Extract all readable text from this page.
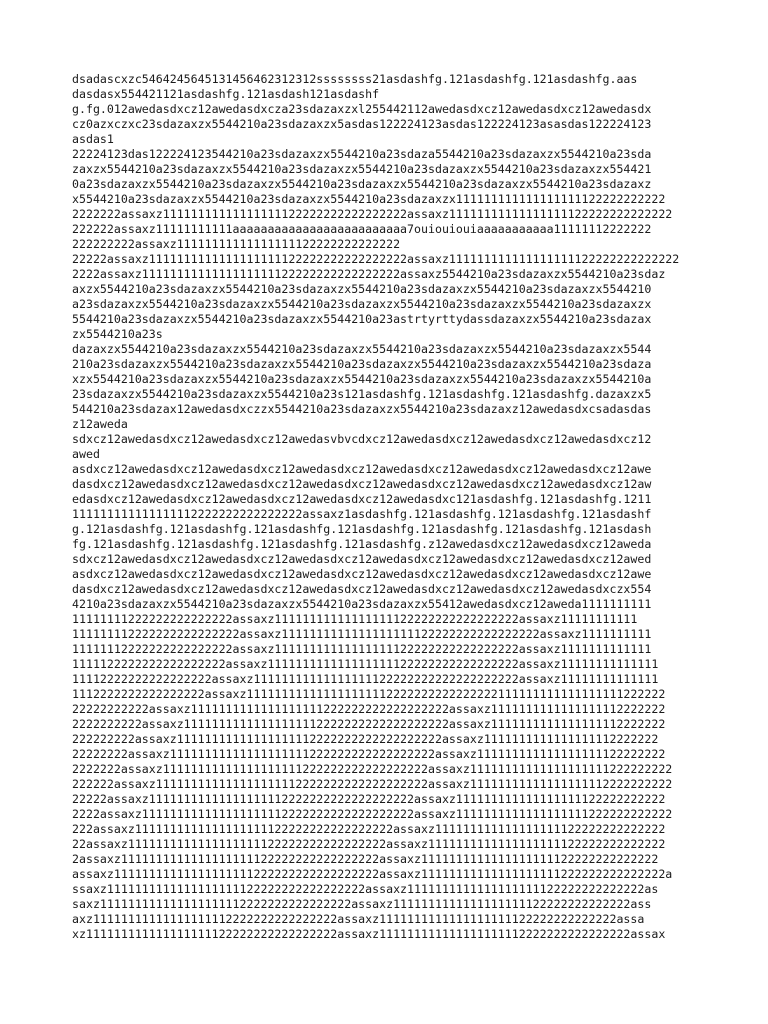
dsadascxzc5464245645131456462312312ssssssss21asdashfg.121asdashfg.121asdashfg.aas
dasdasx554421121asdashfg.121asdash121asdashf
g.fg.012awedasdxcz12awedasdxcza23sdazaxzxl255442112awedasdxcz12awedasdxcz12awedasdx
cz0azxczxc23sdazaxzx5544210a23sdazaxzx5asdas122224123asdas122224123asasdas122224123
asdas1
22224123das122224123544210a23sdazaxzx5544210a23sdaza5544210a23sdazaxzx5544210a23sda
zaxzx5544210a23sdazaxzx5544210a23sdazaxzx5544210a23sdazaxzx5544210a23sdazaxzx554421
0a23sdazaxzx5544210a23sdazaxzx5544210a23sdazaxzx5544210a23sdazaxzx5544210a23sdazaxz
x5544210a23sdazaxzx5544210a23sdazaxzx5544210a23sdazaxzx111111111111111111122222222222
2222222assaxz11111111111111111122222222222222222assaxz11111111111111111122222222222222
222222assaxz11111111111aaaaaaaaaaaaaaaaaaaaaaaaa7ouiouiouiaaaaaaaaaaa11111112222222
222222222assaxz11111111111111111122222222222222
22222assaxz1111111111111111111122222222222222222assaxz111111111111111111122222222222222
2222assaxz1111111111111111111122222222222222222assaxz5544210a23sdazaxzx5544210a23sdaz
axzx5544210a23sdazaxzx5544210a23sdazaxzx5544210a23sdazaxzx5544210a23sdazaxzx5544210
a23sdazaxzx5544210a23sdazaxzx5544210a23sdazaxzx5544210a23sdazaxzx5544210a23sdazaxzx
5544210a23sdazaxzx5544210a23sdazaxzx5544210a23astrtyrttydassdazaxzx5544210a23sdazax
zx5544210a23s
dazaxzx5544210a23sdazaxzx5544210a23sdazaxzx5544210a23sdazaxzx5544210a23sdazaxzx5544
210a23sdazaxzx5544210a23sdazaxzx5544210a23sdazaxzx5544210a23sdazaxzx5544210a23sdaza
xzx5544210a23sdazaxzx5544210a23sdazaxzx5544210a23sdazaxzx5544210a23sdazaxzx5544210a
23sdazaxzx5544210a23sdazaxzx5544210a23s121asdashfg.121asdashfg.121asdashfg.dazaxzx5
544210a23sdazax12awedasdxczzx5544210a23sdazaxzx5544210a23sdazaxz12awedasdxcsadasdas
z12aweda
sdxcz12awedasdxcz12awedasdxcz12awedasvbvcdxcz12awedasdxcz12awedasdxcz12awedasdxcz12
awed
asdxcz12awedasdxcz12awedasdxcz12awedasdxcz12awedasdxcz12awedasdxcz12awedasdxcz12awe
dasdxcz12awedasdxcz12awedasdxcz12awedasdxcz12awedasdxcz12awedasdxcz12awedasdxcz12aw
edasdxcz12awedasdxcz12awedasdxcz12awedasdxcz12awedasdxc121asdashfg.121asdashfg.1211
111111111111111112222222222222222assaxz1asdashfg.121asdashfg.121asdashfg.121asdashf
g.121asdashfg.121asdashfg.121asdashfg.121asdashfg.121asdashfg.121asdashfg.121asdash
fg.121asdashfg.121asdashfg.121asdashfg.121asdashfg.z12awedasdxcz12awedasdxcz12aweda
sdxcz12awedasdxcz12awedasdxcz12awedasdxcz12awedasdxcz12awedasdxcz12awedasdxcz12awed
asdxcz12awedasdxcz12awedasdxcz12awedasdxcz12awedasdxcz12awedasdxcz12awedasdxcz12awe
dasdxcz12awedasdxcz12awedasdxcz12awedasdxcz12awedasdxcz12awedasdxcz12awedasdxczx554
4210a23sdazaxzx5544210a23sdazaxzx5544210a23sdazaxzx55412awedasdxcz12aweda1111111111
11111111222222222222222assaxz11111111111111111122222222222222222assaxz11111111111
111111112222222222222222assaxz1111111111111111111122222222222222222assaxz1111111111
11111112222222222222222assaxz11111111111111111122222222222222222assaxz1111111111111
1111122222222222222222assaxz111111111111111111122222222222222222assaxz11111111111111
11112222222222222222assaxz11111111111111111122222222222222222222assaxz11111111111111
1112222222222222222assaxz111111111111111111112222222222222222111111111111111111222222
22222222222assaxz1111111111111111111222222222222222222assaxz1111111111111111112222222
2222222222assaxz11111111111111111112222222222222222222assaxz1111111111111111112222222
222222222assaxz11111111111111111112222222222222222222assaxz1111111111111111112222222
22222222assaxz11111111111111111111222222222222222222assaxz111111111111111111122222222
2222222assaxz11111111111111111111222222222222222222assaxz11111111111111111111222222222
222222assaxz111111111111111111112222222222222222222assaxz11111111111111111112222222222
22222assaxz11111111111111111112222222222222222222assaxz111111111111111111122222222222
2222assaxz111111111111111111112222222222222222222assaxz1111111111111111111222222222222
222assaxz1111111111111111111122222222222222222assaxz111111111111111111122222222222222
22assaxz1111111111111111111122222222222222222assaxz1111111111111111111122222222222222
2assaxz1111111111111111111122222222222222222assaxz1111111111111111111122222222222222
assaxz11111111111111111111222222222222222222assaxz11111111111111111111222222222222222a
ssaxz1111111111111111111122222222222222222assaxz1111111111111111111122222222222222as
saxz111111111111111111112222222222222222assaxz1111111111111111111122222222222222ass
axz11111111111111111112222222222222222assaxz1111111111111111111122222222222222assa
xz111111111111111111122222222222222222assaxz111111111111111111112222222222222222assax
